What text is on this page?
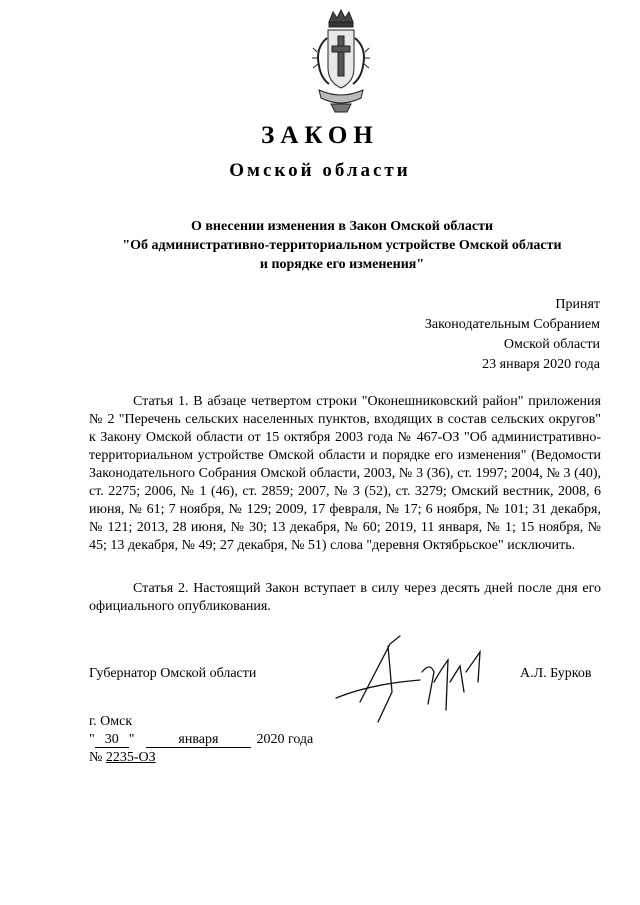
ЗАКОН
Омской области
О внесении изменения в Закон Омской области
"Об административно-территориальном устройстве Омской области
и порядке его изменения"
Принят
Законодательным Собранием
Омской области
23 января 2020 года

Статья 1. В абзаце четвертом строки "Оконешниковский район" приложения № 2 "Перечень сельских населенных пунктов, входящих в состав сельских округов" к Закону Омской области от 15 октября 2003 года № 467-ОЗ "Об административно-территориальном устройстве Омской области и порядке его изменения" (Ведомости Законодательного Собрания Омской области, 2003, № 3 (36), ст. 1997; 2004, № 3 (40), ст. 2275; 2006, № 1 (46), ст. 2859; 2007, № 3 (52), ст. 3279; Омский вестник, 2008, 6 июня, № 61; 7 ноября, № 129; 2009, 17 февраля, № 17; 6 ноября, № 101; 31 декабря, № 121; 2013, 28 июня, № 30; 13 декабря, № 60; 2019, 11 января, № 1; 15 ноября, № 45; 13 декабря, № 49; 27 декабря, № 51) слова "деревня Октябрьское" исключить.

Статья 2. Настоящий Закон вступает в силу через десять дней после дня его официального опубликования.

Губернатор Омской области	А.Л. Бурков
г. Омск
" 30 "	января	2020 года
№ 2235-ОЗ
